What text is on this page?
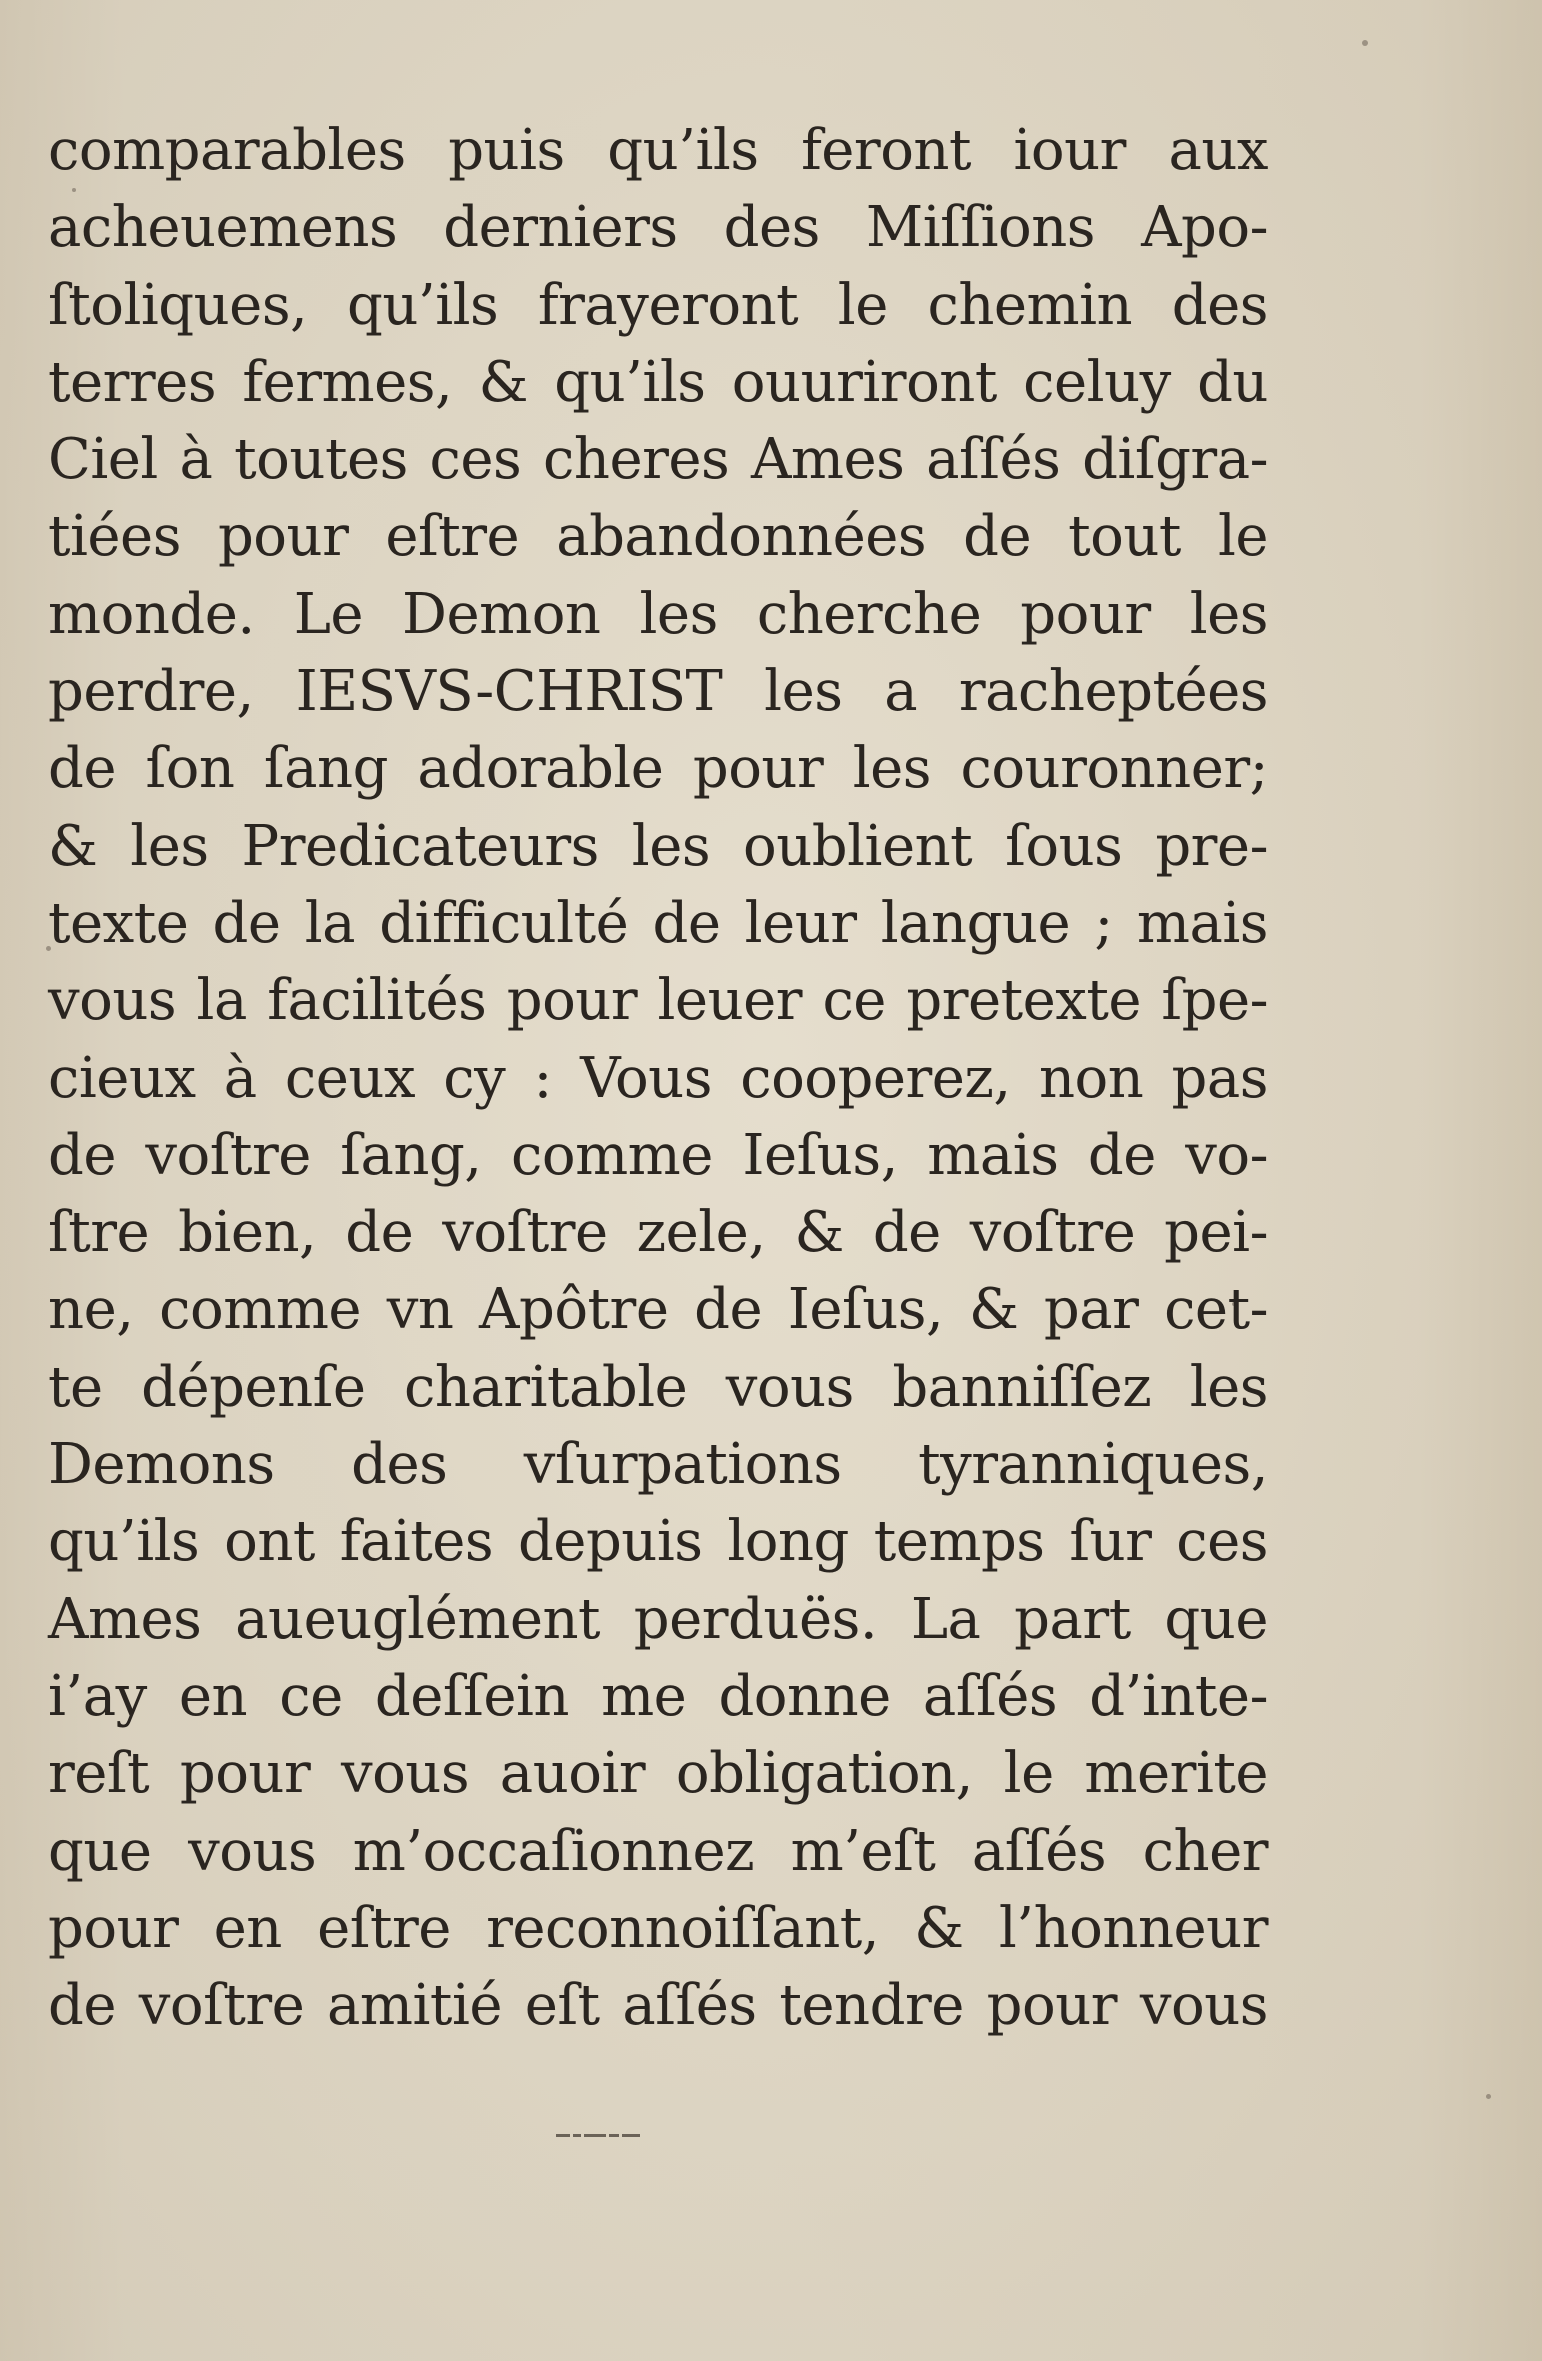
comparables puis qu’ils feront iour aux
acheuemens derniers des Miſſions Apo-
ſtoliques, qu’ils frayeront le chemin des
terres fermes, & qu’ils ouuriront celuy du
Ciel à toutes ces cheres Ames aſſés diſgra-
tiées pour eſtre abandonnées de tout le
monde. Le Demon les cherche pour les
perdre, IESVS-CHRIST les a racheptées
de ſon ſang adorable pour les couronner;
& les Predicateurs les oublient ſous pre-
texte de la difficulté de leur langue ; mais
vous la facilités pour leuer ce pretexte ſpe-
cieux à ceux cy : Vous cooperez, non pas
de voſtre ſang, comme Ieſus, mais de vo-
ſtre bien, de voſtre zele, & de voſtre pei-
ne, comme vn Apôtre de Ieſus, & par cet-
te dépenſe charitable vous banniſſez les
Demons des vſurpations tyranniques,
qu’ils ont faites depuis long temps ſur ces
Ames aueuglément perduës. La part que
i’ay en ce deſſein me donne aſſés d’inte-
reſt pour vous auoir obligation, le merite
que vous m’occaſionnez m’eſt aſſés cher
pour en eſtre reconnoiſſant, & l’honneur
de voſtre amitié eſt aſſés tendre pour vous
